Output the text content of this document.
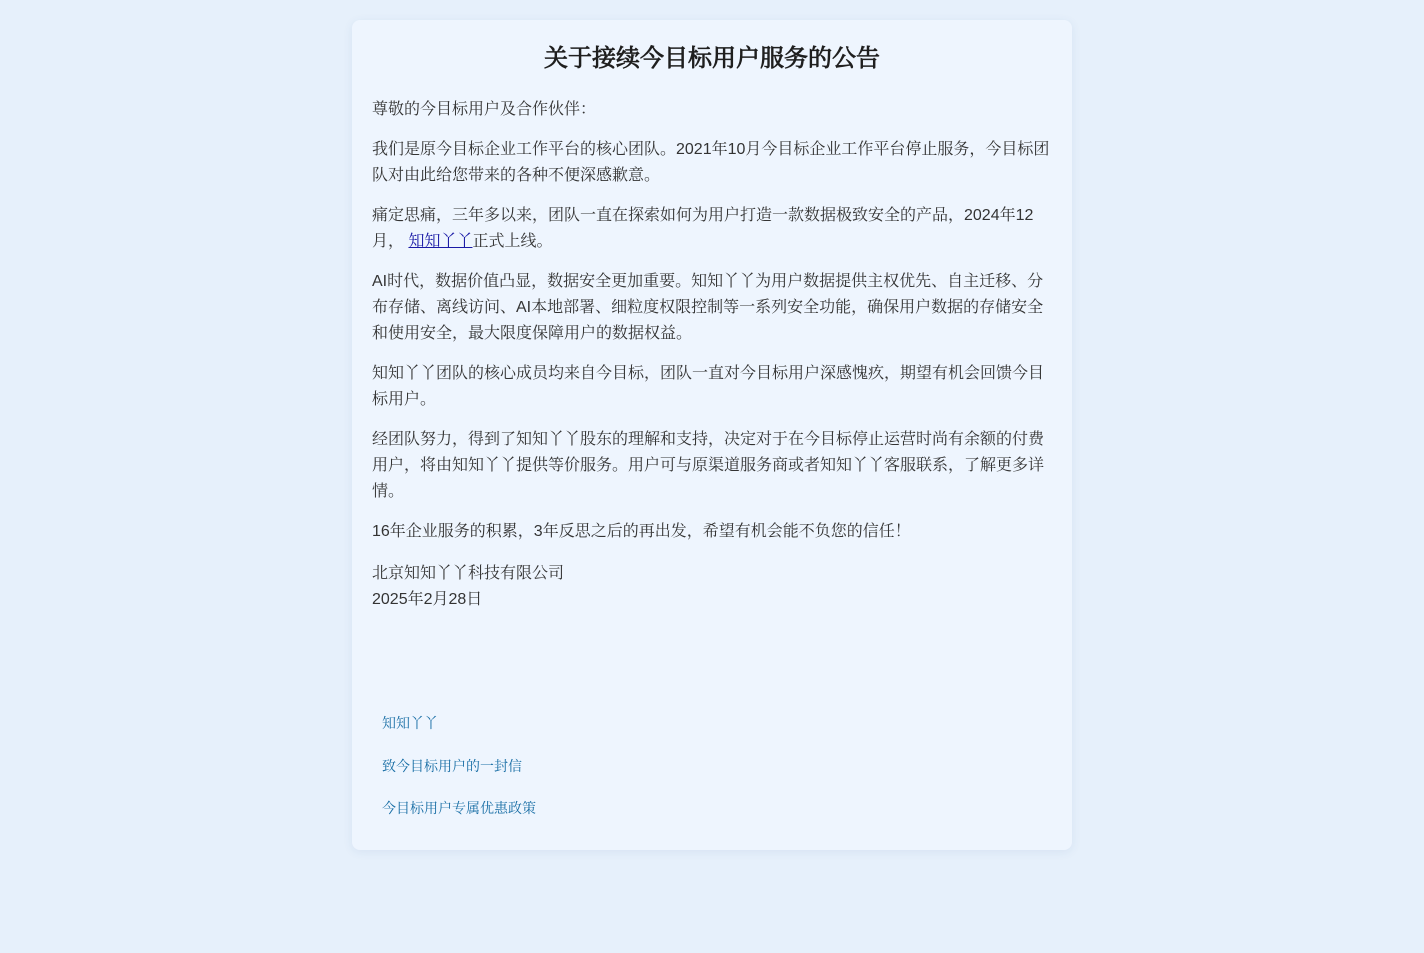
关于接续今目标用户服务的公告

尊敬的今目标用户及合作伙伴：

我们是原今目标企业工作平台的核心团队。2021年10月今目标企业工作平台停止服务，今目标团队对由此给您带来的各种不便深感歉意。

痛定思痛，三年多以来，团队一直在探索如何为用户打造一款数据极致安全的产品，2024年12月， 知知丫丫正式上线。

AI时代，数据价值凸显，数据安全更加重要。知知丫丫为用户数据提供主权优先、自主迁移、分布存储、离线访问、AI本地部署、细粒度权限控制等一系列安全功能，确保用户数据的存储安全和使用安全，最大限度保障用户的数据权益。

知知丫丫团队的核心成员均来自今目标，团队一直对今目标用户深感愧疚，期望有机会回馈今目标用户。

经团队努力，得到了知知丫丫股东的理解和支持，决定对于在今目标停止运营时尚有余额的付费用户，将由知知丫丫提供等价服务。用户可与原渠道服务商或者知知丫丫客服联系，了解更多详情。

16年企业服务的积累，3年反思之后的再出发，希望有机会能不负您的信任！

北京知知丫丫科技有限公司
2025年2月28日
知知丫丫
致今目标用户的一封信
今目标用户专属优惠政策
